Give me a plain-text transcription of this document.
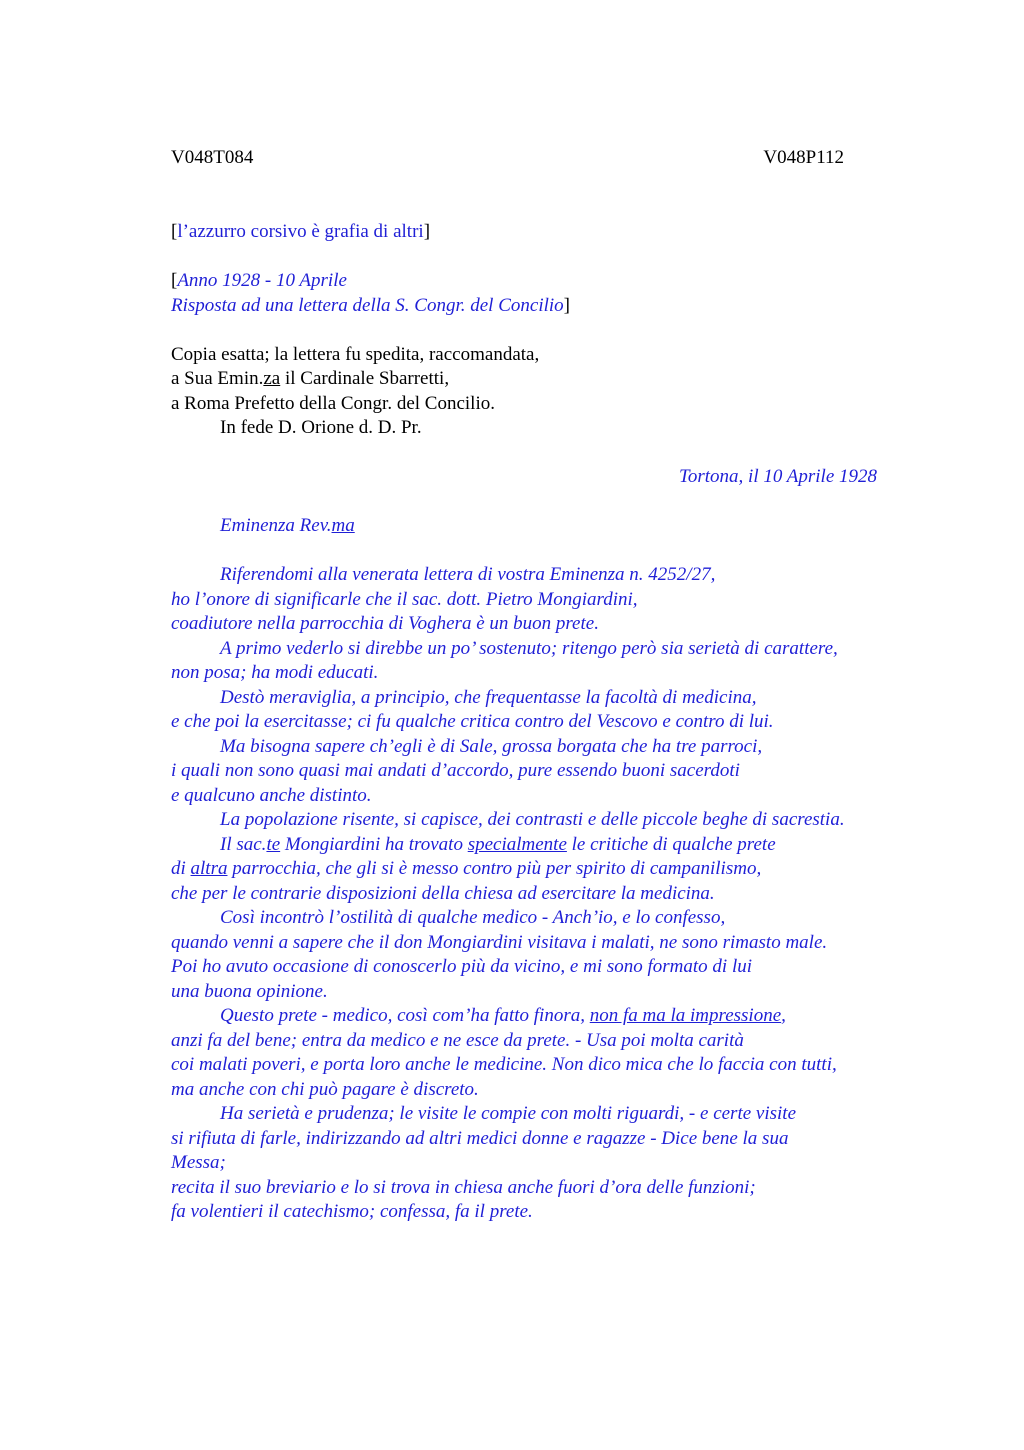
V048T084	V048P112
[l’azzurro corsivo è grafia di altri]
[Anno 1928 - 10 Aprile
Risposta ad una lettera della S. Congr. del Concilio]
Copia esatta; la lettera fu spedita, raccomandata,
a Sua Emin.za il Cardinale Sbarretti,
a Roma Prefetto della Congr. del Concilio.
In fede D. Orione d. D. Pr.
Tortona, il 10 Aprile 1928
Eminenza Rev.ma
Riferendomi alla venerata lettera di vostra Eminenza n. 4252/27,
ho l’onore di significarle che il sac. dott. Pietro Mongiardini,
coadiutore nella parrocchia di Voghera è un buon prete.
A primo vederlo si direbbe un po’ sostenuto; ritengo però sia serietà di carattere,
non posa; ha modi educati.
Destò meraviglia, a principio, che frequentasse la facoltà di medicina,
e che poi la esercitasse; ci fu qualche critica contro del Vescovo e contro di lui.
Ma bisogna sapere ch’egli è di Sale, grossa borgata che ha tre parroci,
i quali non sono quasi mai andati d’accordo, pure essendo buoni sacerdoti
e qualcuno anche distinto.
La popolazione risente, si capisce, dei contrasti e delle piccole beghe di sacrestia.
Il sac.te Mongiardini ha trovato specialmente le critiche di qualche prete
di altra parrocchia, che gli si è messo contro più per spirito di campanilismo,
che per le contrarie disposizioni della chiesa ad esercitare la medicina.
Così incontrò l’ostilità di qualche medico - Anch’io, e lo confesso,
quando venni a sapere che il don Mongiardini visitava i malati, ne sono rimasto male.
Poi ho avuto occasione di conoscerlo più da vicino, e mi sono formato di lui
una buona opinione.
Questo prete - medico, così com’ha fatto finora, non fa ma la impressione,
anzi fa del bene; entra da medico e ne esce da prete. - Usa poi molta carità
coi malati poveri, e porta loro anche le medicine. Non dico mica che lo faccia con tutti,
ma anche con chi può pagare è discreto.
Ha serietà e prudenza; le visite le compie con molti riguardi, - e certe visite
si rifiuta di farle, indirizzando ad altri medici donne e ragazze - Dice bene la sua
Messa;
recita il suo breviario e lo si trova in chiesa anche fuori d’ora delle funzioni;
fa volentieri il catechismo; confessa, fa il prete.
